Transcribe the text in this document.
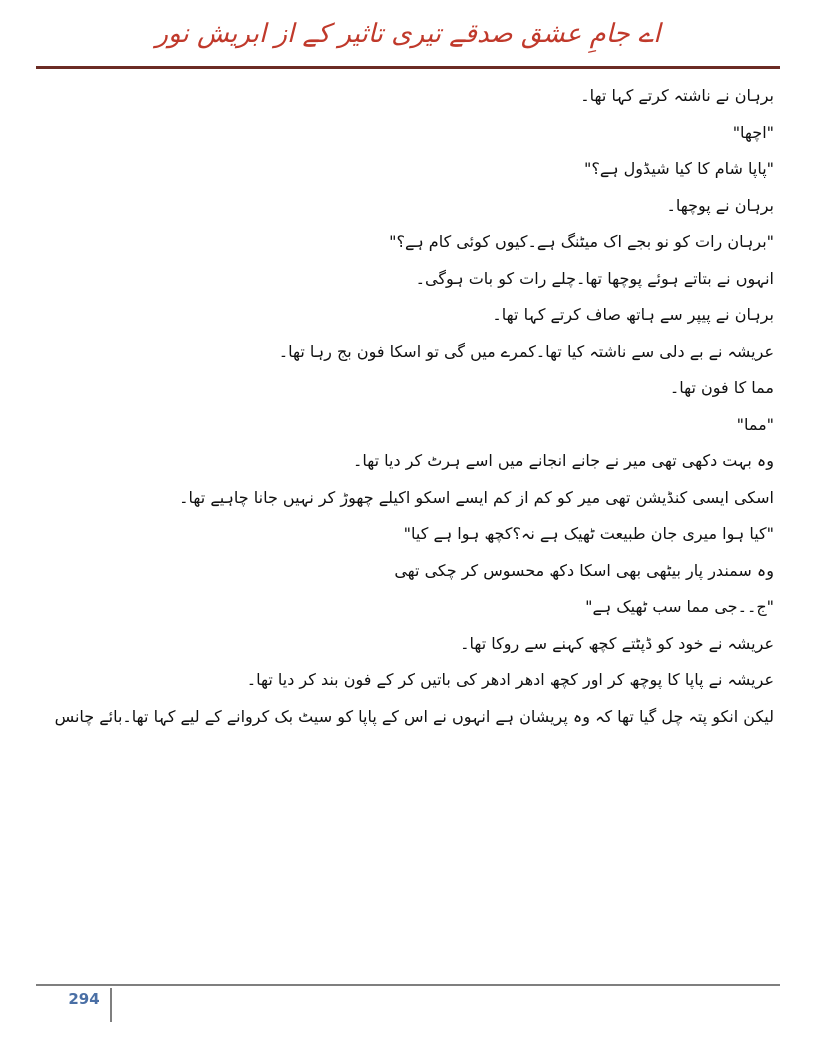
اے جامِ عشق صدقے تیری تاثیر کے از ابریش نور
برہان نے ناشتہ کرتے کہا تھا۔
"اچھا"
"پاپا شام کا کیا شیڈول ہے؟"
برہان نے پوچھا۔
"برہان رات کو نو بجے اک میٹنگ ہے۔کیوں کوئی کام ہے؟"
انہوں نے بتاتے ہوئے پوچھا تھا۔چلے رات کو بات ہوگی۔
برہان نے پیپر سے ہاتھ صاف کرتے کہا تھا۔
عریشہ نے بے دلی سے ناشتہ کیا تھا۔کمرے میں گی تو اسکا فون بج رہا تھا۔
مما کا فون تھا۔
"مما"
وہ بہت دکھی تھی میر نے جانے انجانے میں اسے ہرٹ کر دیا تھا۔
اسکی ایسی کنڈیشن تھی میر کو کم از کم ایسے اسکو اکیلے چھوڑ کر نہیں جانا چاہیے تھا۔
"کیا ہوا میری جان طبیعت ٹھیک ہے نہ؟کچھ ہوا ہے کیا"
وہ سمندر پار بیٹھی بھی اسکا دکھ محسوس کر چکی تھی
"ج۔۔جی مما سب ٹھیک ہے"
عریشہ نے خود کو ڈپٹتے کچھ کہنے سے روکا تھا۔
عریشہ نے پاپا کا پوچھ کر اور کچھ ادھر ادھر کی باتیں کر کے فون بند کر دیا تھا۔
لیکن انکو پتہ چل گیا تھا کہ وہ پریشان ہے انہوں نے اس کے پاپا کو سیٹ بک کروانے کے لیے کہا تھا۔بائے چانس
294
